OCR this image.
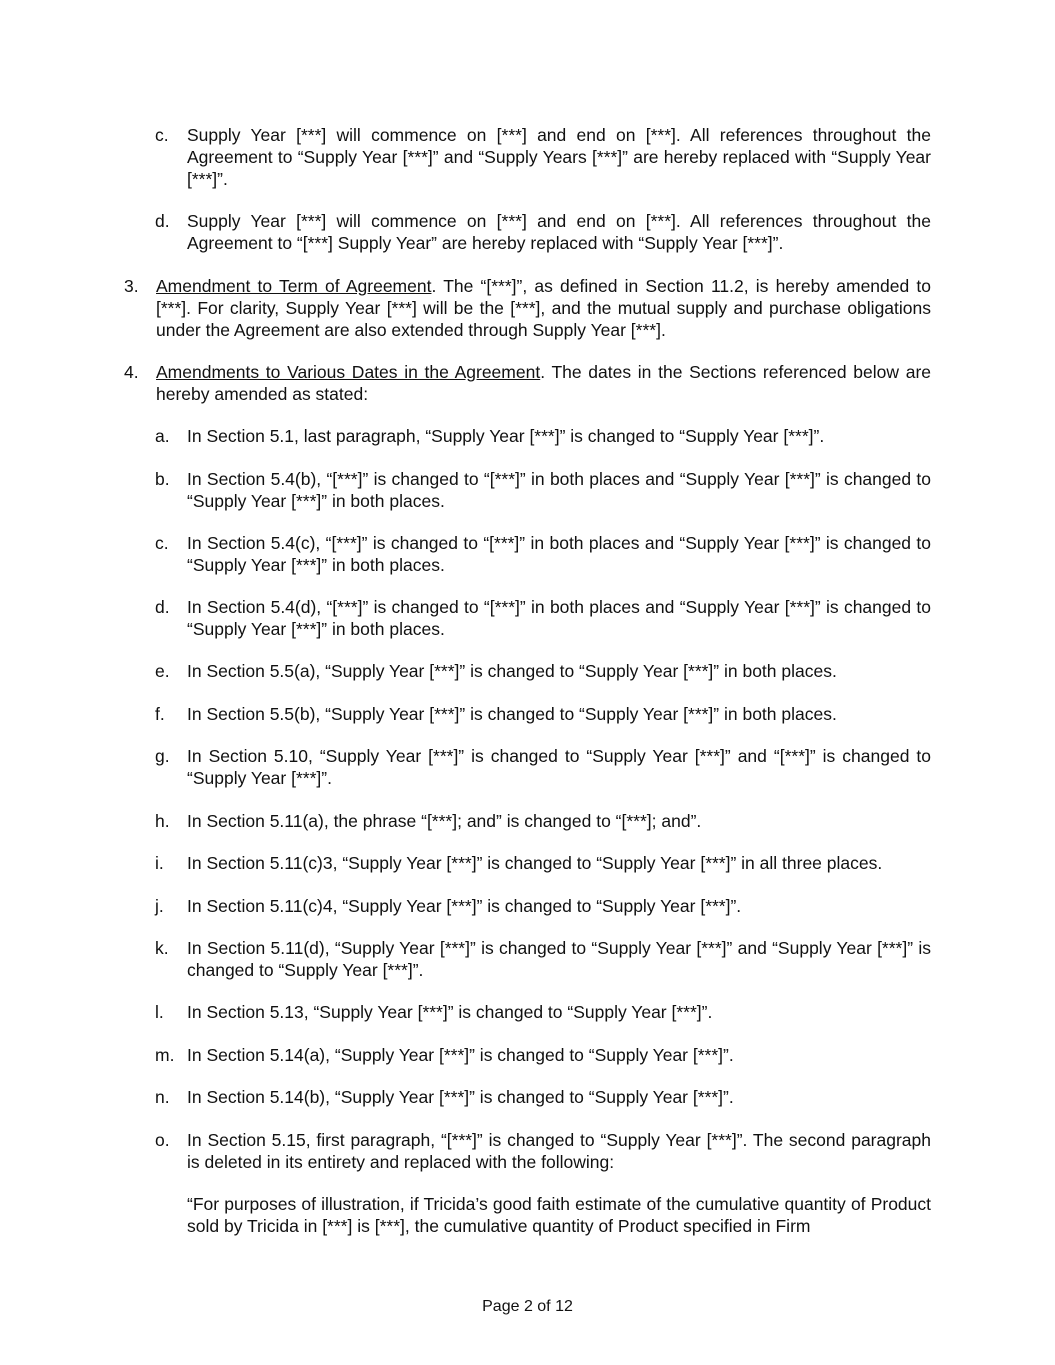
c. Supply Year [***] will commence on [***] and end on [***]. All references throughout the Agreement to “Supply Year [***]” and “Supply Years [***]” are hereby replaced with “Supply Year [***]”.

d. Supply Year [***] will commence on [***] and end on [***]. All references throughout the Agreement to “[***] Supply Year” are hereby replaced with “Supply Year [***]”.

3. Amendment to Term of Agreement. The “[***]”, as defined in Section 11.2, is hereby amended to [***]. For clarity, Supply Year [***] will be the [***], and the mutual supply and purchase obligations under the Agreement are also extended through Supply Year [***].

4. Amendments to Various Dates in the Agreement. The dates in the Sections referenced below are hereby amended as stated:

a. In Section 5.1, last paragraph, “Supply Year [***]” is changed to “Supply Year [***]”.

b. In Section 5.4(b), “[***]” is changed to “[***]” in both places and “Supply Year [***]” is changed to “Supply Year [***]” in both places.

c. In Section 5.4(c), “[***]” is changed to “[***]” in both places and “Supply Year [***]” is changed to “Supply Year [***]” in both places.

d. In Section 5.4(d), “[***]” is changed to “[***]” in both places and “Supply Year [***]” is changed to “Supply Year [***]” in both places.

e. In Section 5.5(a), “Supply Year [***]” is changed to “Supply Year [***]” in both places.

f. In Section 5.5(b), “Supply Year [***]” is changed to “Supply Year [***]” in both places.

g. In Section 5.10, “Supply Year [***]” is changed to “Supply Year [***]” and “[***]” is changed to “Supply Year [***]”.

h. In Section 5.11(a), the phrase “[***]; and” is changed to “[***]; and”.

i. In Section 5.11(c)3, “Supply Year [***]” is changed to “Supply Year [***]” in all three places.

j. In Section 5.11(c)4, “Supply Year [***]” is changed to “Supply Year [***]”.

k. In Section 5.11(d), “Supply Year [***]” is changed to “Supply Year [***]” and “Supply Year [***]” is changed to “Supply Year [***]”.

l. In Section 5.13, “Supply Year [***]” is changed to “Supply Year [***]”.

m. In Section 5.14(a), “Supply Year [***]” is changed to “Supply Year [***]”.

n. In Section 5.14(b), “Supply Year [***]” is changed to “Supply Year [***]”.

o. In Section 5.15, first paragraph, “[***]” is changed to “Supply Year [***]”. The second paragraph is deleted in its entirety and replaced with the following:

“For purposes of illustration, if Tricida’s good faith estimate of the cumulative quantity of Product sold by Tricida in [***] is [***], the cumulative quantity of Product specified in Firm

Page 2 of 12
